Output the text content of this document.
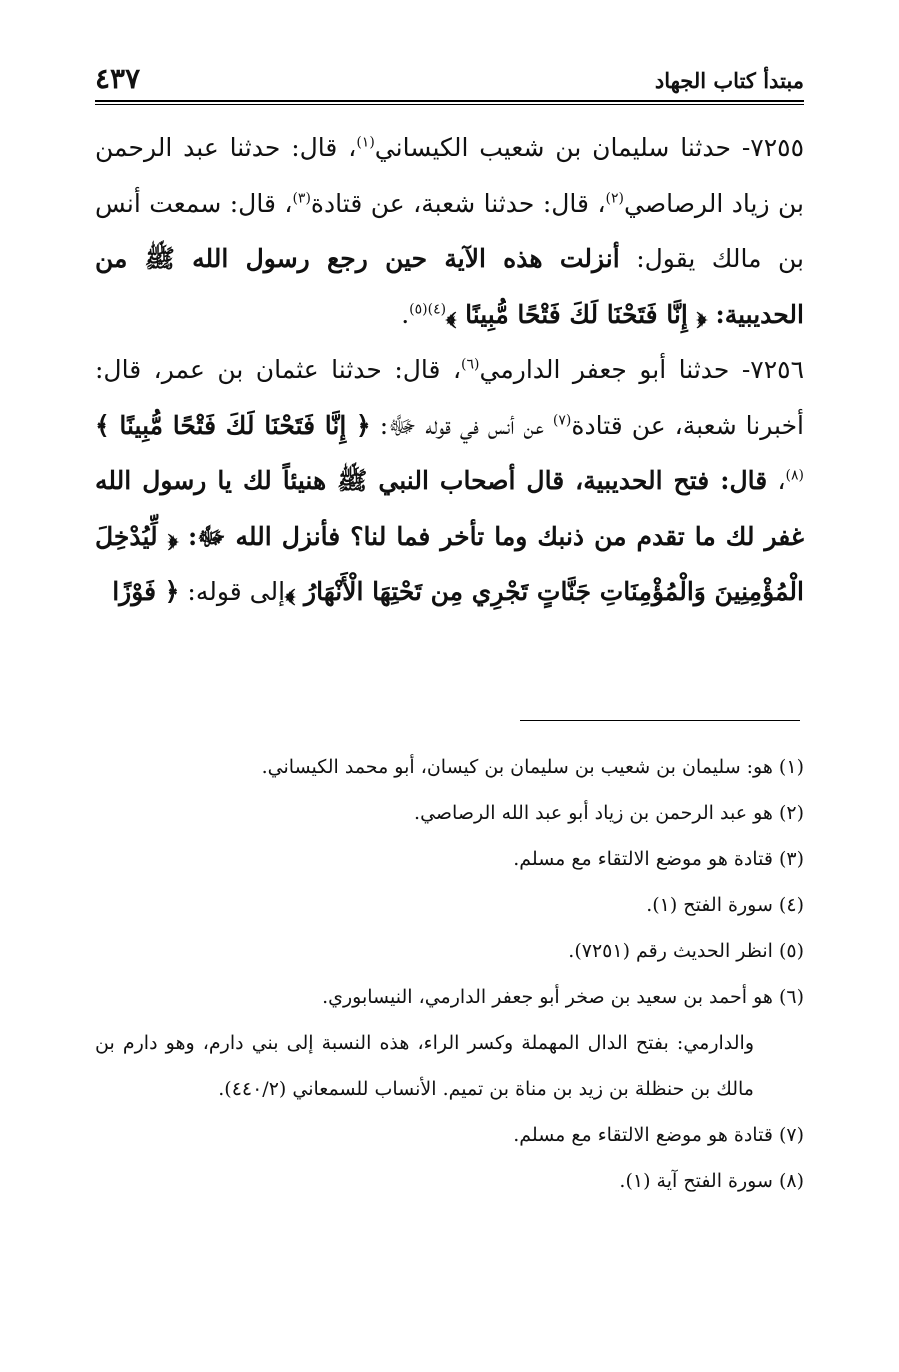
مبتدأ كتاب الجهاد
٤٣٧

٧٢٥٥- حدثنا سليمان بن شعيب الكيساني$^{(١)}$، قال: حدثنا عبد الرحمن بن زياد الرصاصي$^{(٢)}$، قال: حدثنا شعبة، عن قتادة$^{(٣)}$، قال: سمعت أنس بن مالك يقول: أنزلت هذه الآية حين رجع رسول الله ﷺ من الحديبية: ﴿ إِنَّا فَتَحْنَا لَكَ فَتْحًا مُّبِينًا ﴾$^{(٤)(٥)}$.

٧٢٥٦- حدثنا أبو جعفر الدارمي$^{(٦)}$، قال: حدثنا عثمان بن عمر، قال: أخبرنا شعبة، عن قتادة$^{(٧)}$ عن أنس في قوله ﷻ: ﴿ إِنَّا فَتَحْنَا لَكَ فَتْحًا مُّبِينًا ﴾$^{(٨)}$، قال: فتح الحديبية، قال أصحاب النبي ﷺ هنيئاً لك يا رسول الله غفر لك ما تقدم من ذنبك وما تأخر فما لنا؟ فأنزل الله ﷻ: ﴿ لِّيُدْخِلَ الْمُؤْمِنِينَ وَالْمُؤْمِنَاتِ جَنَّاتٍ تَجْرِي مِن تَحْتِهَا الْأَنْهَارُ ﴾إلى قوله: ﴿ فَوْزًا

(١) هو: سليمان بن شعيب بن سليمان بن كيسان، أبو محمد الكيساني.

(٢) هو عبد الرحمن بن زياد أبو عبد الله الرصاصي.

(٣) قتادة هو موضع الالتقاء مع مسلم.

(٤) سورة الفتح (١).

(٥) انظر الحديث رقم (٧٢٥١).

(٦) هو أحمد بن سعيد بن صخر أبو جعفر الدارمي، النيسابوري.

والدارمي: بفتح الدال المهملة وكسر الراء، هذه النسبة إلى بني دارم، وهو دارم بن مالك بن حنظلة بن زيد بن مناة بن تميم. الأنساب للسمعاني (٤٤٠/٢).

(٧) قتادة هو موضع الالتقاء مع مسلم.

(٨) سورة الفتح آية (١).
